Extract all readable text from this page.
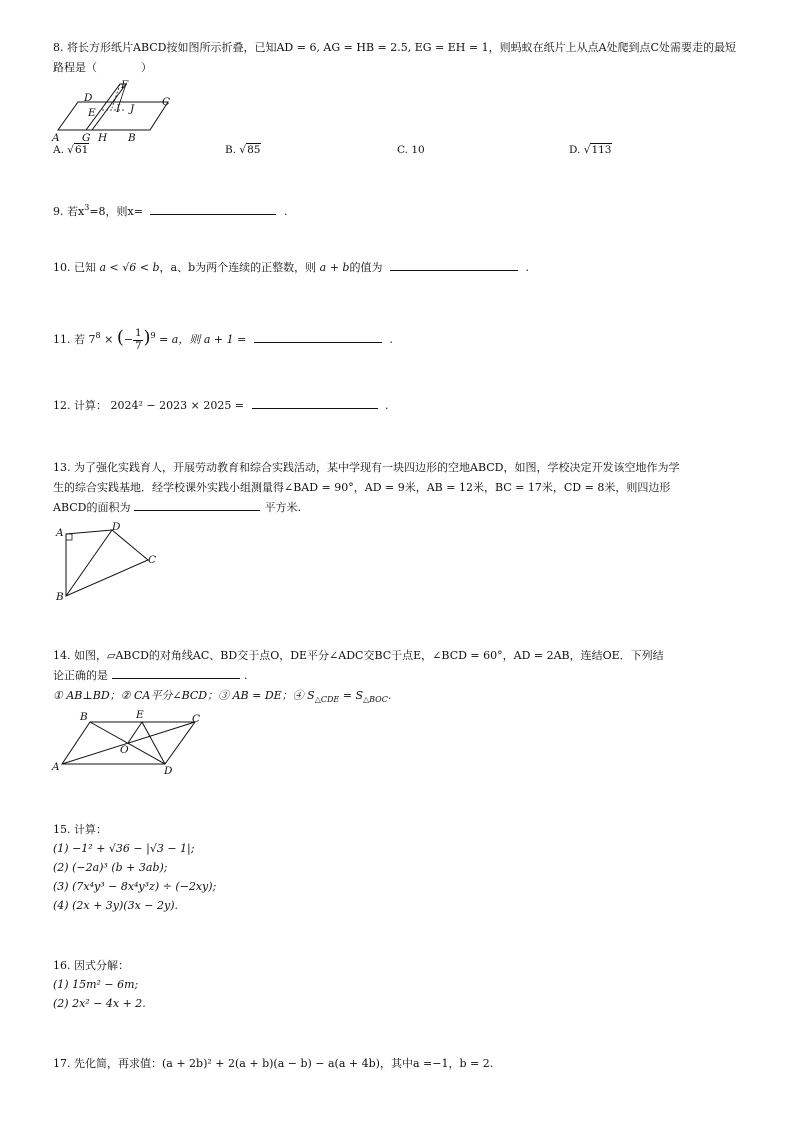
8. 将长方形纸片ABCD按如图所示折叠，已知AD = 6, AG = HB = 2.5, EG = EH = 1，则蚂蚁在纸片上从点A处爬到点C处需要走的最短路程是（　　　　）
A	B
C
D
E
F
G H
I J
A. √61	B. √85	C. 10	D. √113
9. 若$x^3=8$，则x=	.
10. 已知 a < √6 < b，a、b为两个连续的正整数，则 a + b的值为	.
11. 若 $7^8$ × (− $\frac{1}{7} )^9 = a$，则 a + 1 =	.
12. 计算： 2024² − 2023 × 2025 =	.
13. 为了强化实践育人，开展劳动教育和综合实践活动，某中学现有一块四边形的空地ABCD，如图，学校决定开发该空地作为学
生的综合实践基地．经学校课外实践小组测量得∠BAD = 90°，AD = 9米，AB = 12米，BC = 17米，CD = 8米，则四边形
ABCD的面积为	平方米.
A
B
C
D
14. 如图，▱ABCD的对角线AC、BD交于点O，DE平分∠ADC交BC于点E，∠BCD = 60°，AD = 2AB，连结OE．下列结
论正确的是	.
① AB⊥BD；② CA平分∠BCD；③ AB = DE；④ $S_{\triangle CDE} = S_{\triangle BOC}$.
B	E	C
O
A	D
15. 计算：
(1) −1² + √36 − |√3 − 1|;
(2) (−2a)³ (b + 3ab);
(3) (7x⁴y³ − 8x⁴y³z) ÷ (−2xy);
(4) (2x + 3y)(3x − 2y).
16. 因式分解：
(1) 15m² − 6m;
(2) 2x² − 4x + 2.
17. 先化简，再求值：(a + 2b)² + 2(a + b)(a − b) − a(a + 4b)，其中a =−1，b = 2.
